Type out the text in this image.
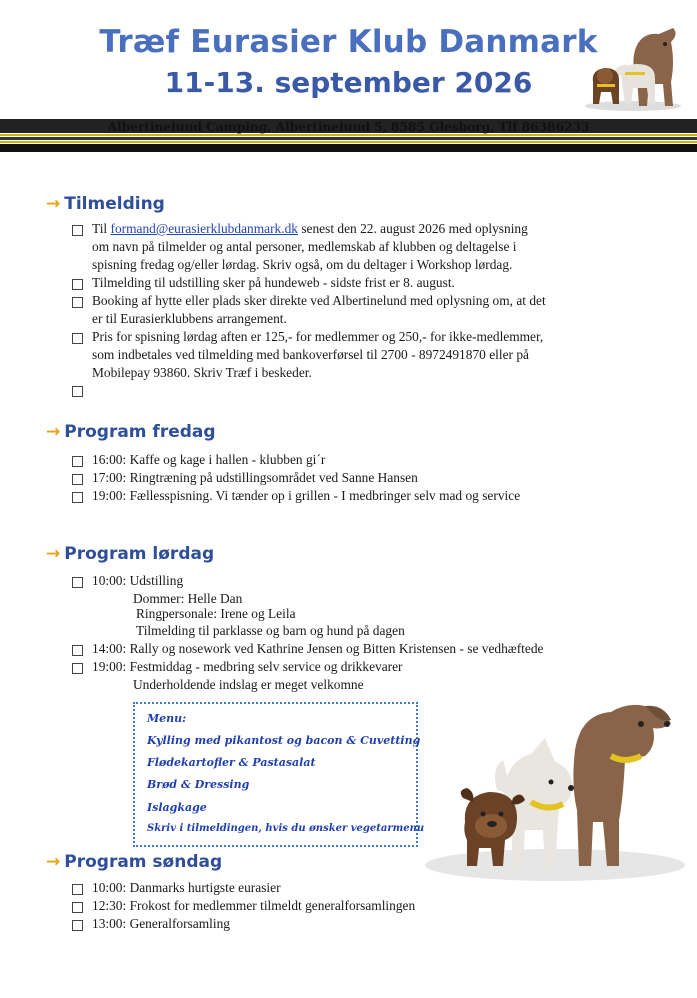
Træf Eurasier Klub Danmark
11-13. september 2026
Albertinelund Camping, Albertinelund 5, 8585 Glesborg, Tlf 86386233
→ Tilmelding
Til formand@eurasierklubdanmark.dk senest den 22. august 2026 med oplysning
om navn på tilmelder og antal personer, medlemskab af klubben og deltagelse i
spisning fredag og/eller lørdag. Skriv også, om du deltager i Workshop lørdag.
Tilmelding til udstilling sker på hundeweb - sidste frist er 8. august.
Booking af hytte eller plads sker direkte ved Albertinelund med oplysning om, at det
er til Eurasierklubbens arrangement.
Pris for spisning lørdag aften er 125,- for medlemmer og 250,- for ikke-medlemmer,
som indbetales ved tilmelding med bankoverførsel til 2700 - 8972491870 eller på
Mobilepay 93860. Skriv Træf i beskeder.
→ Program fredag
16:00: Kaffe og kage i hallen - klubben gi´r
17:00: Ringtræning på udstillingsområdet ved Sanne Hansen
19:00: Fællesspisning. Vi tænder op i grillen - I medbringer selv mad og service
→ Program lørdag
10:00: Udstilling
Dommer: Helle Dan
Ringpersonale: Irene og Leila
Tilmelding til parklasse og barn og hund på dagen
14:00: Rally og nosework ved Kathrine Jensen og Bitten Kristensen - se vedhæftede
19:00: Festmiddag - medbring selv service og drikkevarer
Underholdende indslag er meget velkomne
Menu:
Kylling med pikantost og bacon & Cuvetting
Flødekartofler & Pastasalat
Brød & Dressing
Islagkage
Skriv i tilmeldingen, hvis du ønsker vegetarmenu
→ Program søndag
10:00: Danmarks hurtigste eurasier
12:30: Frokost for medlemmer tilmeldt generalforsamlingen
13:00: Generalforsamling
